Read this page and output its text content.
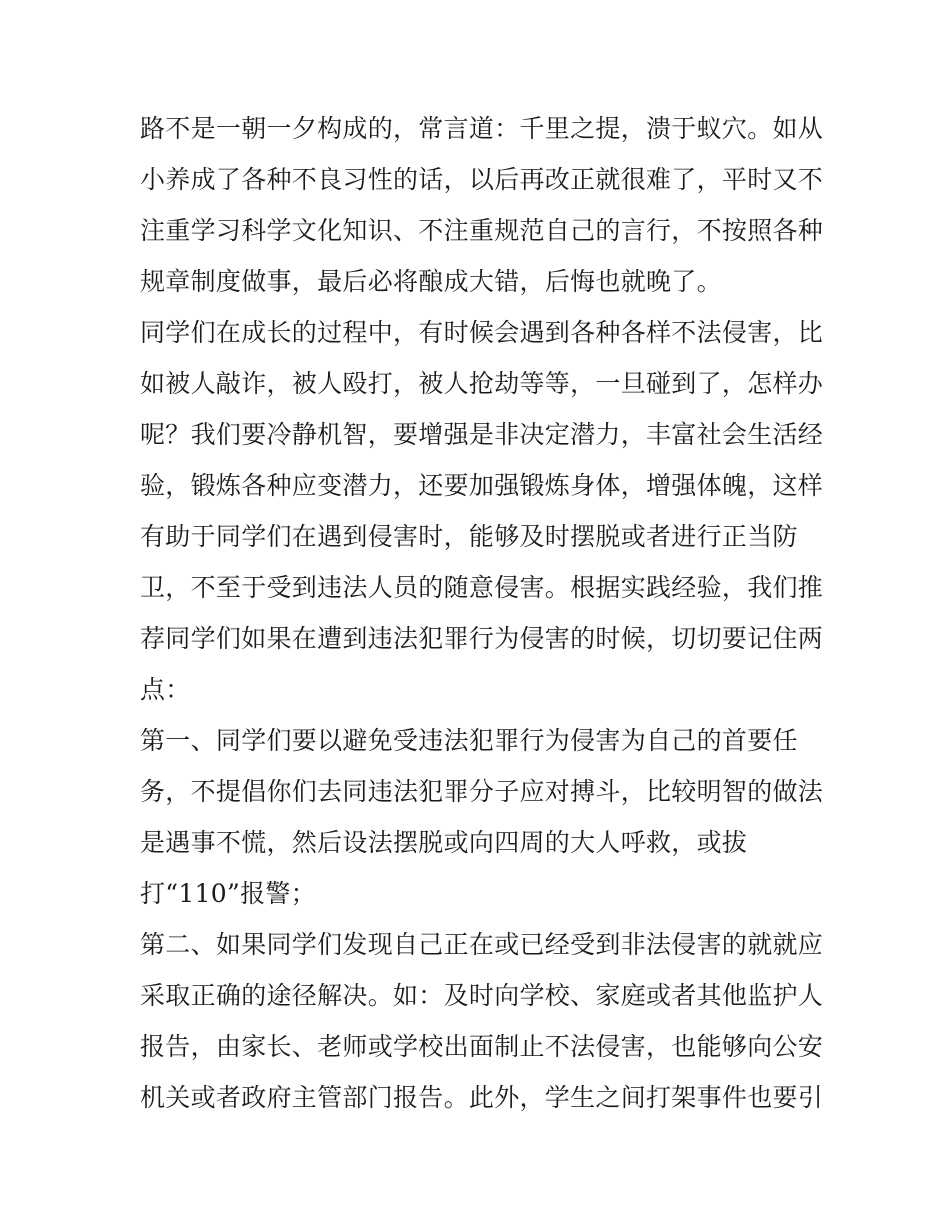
路不是一朝一夕构成的，常言道：千里之提，溃于蚁穴。如从
小养成了各种不良习性的话，以后再改正就很难了，平时又不
注重学习科学文化知识、不注重规范自己的言行，不按照各种
规章制度做事，最后必将酿成大错，后悔也就晚了。
同学们在成长的过程中，有时候会遇到各种各样不法侵害，比
如被人敲诈，被人殴打，被人抢劫等等，一旦碰到了，怎样办
呢？我们要冷静机智，要增强是非决定潜力，丰富社会生活经
验，锻炼各种应变潜力，还要加强锻炼身体，增强体魄，这样
有助于同学们在遇到侵害时，能够及时摆脱或者进行正当防
卫，不至于受到违法人员的随意侵害。根据实践经验，我们推
荐同学们如果在遭到违法犯罪行为侵害的时候，切切要记住两
点：
第一、同学们要以避免受违法犯罪行为侵害为自己的首要任
务，不提倡你们去同违法犯罪分子应对搏斗，比较明智的做法
是遇事不慌，然后设法摆脱或向四周的大人呼救，或拔
打“110”报警；
第二、如果同学们发现自己正在或已经受到非法侵害的就就应
采取正确的途径解决。如：及时向学校、家庭或者其他监护人
报告，由家长、老师或学校出面制止不法侵害，也能够向公安
机关或者政府主管部门报告。此外，学生之间打架事件也要引
